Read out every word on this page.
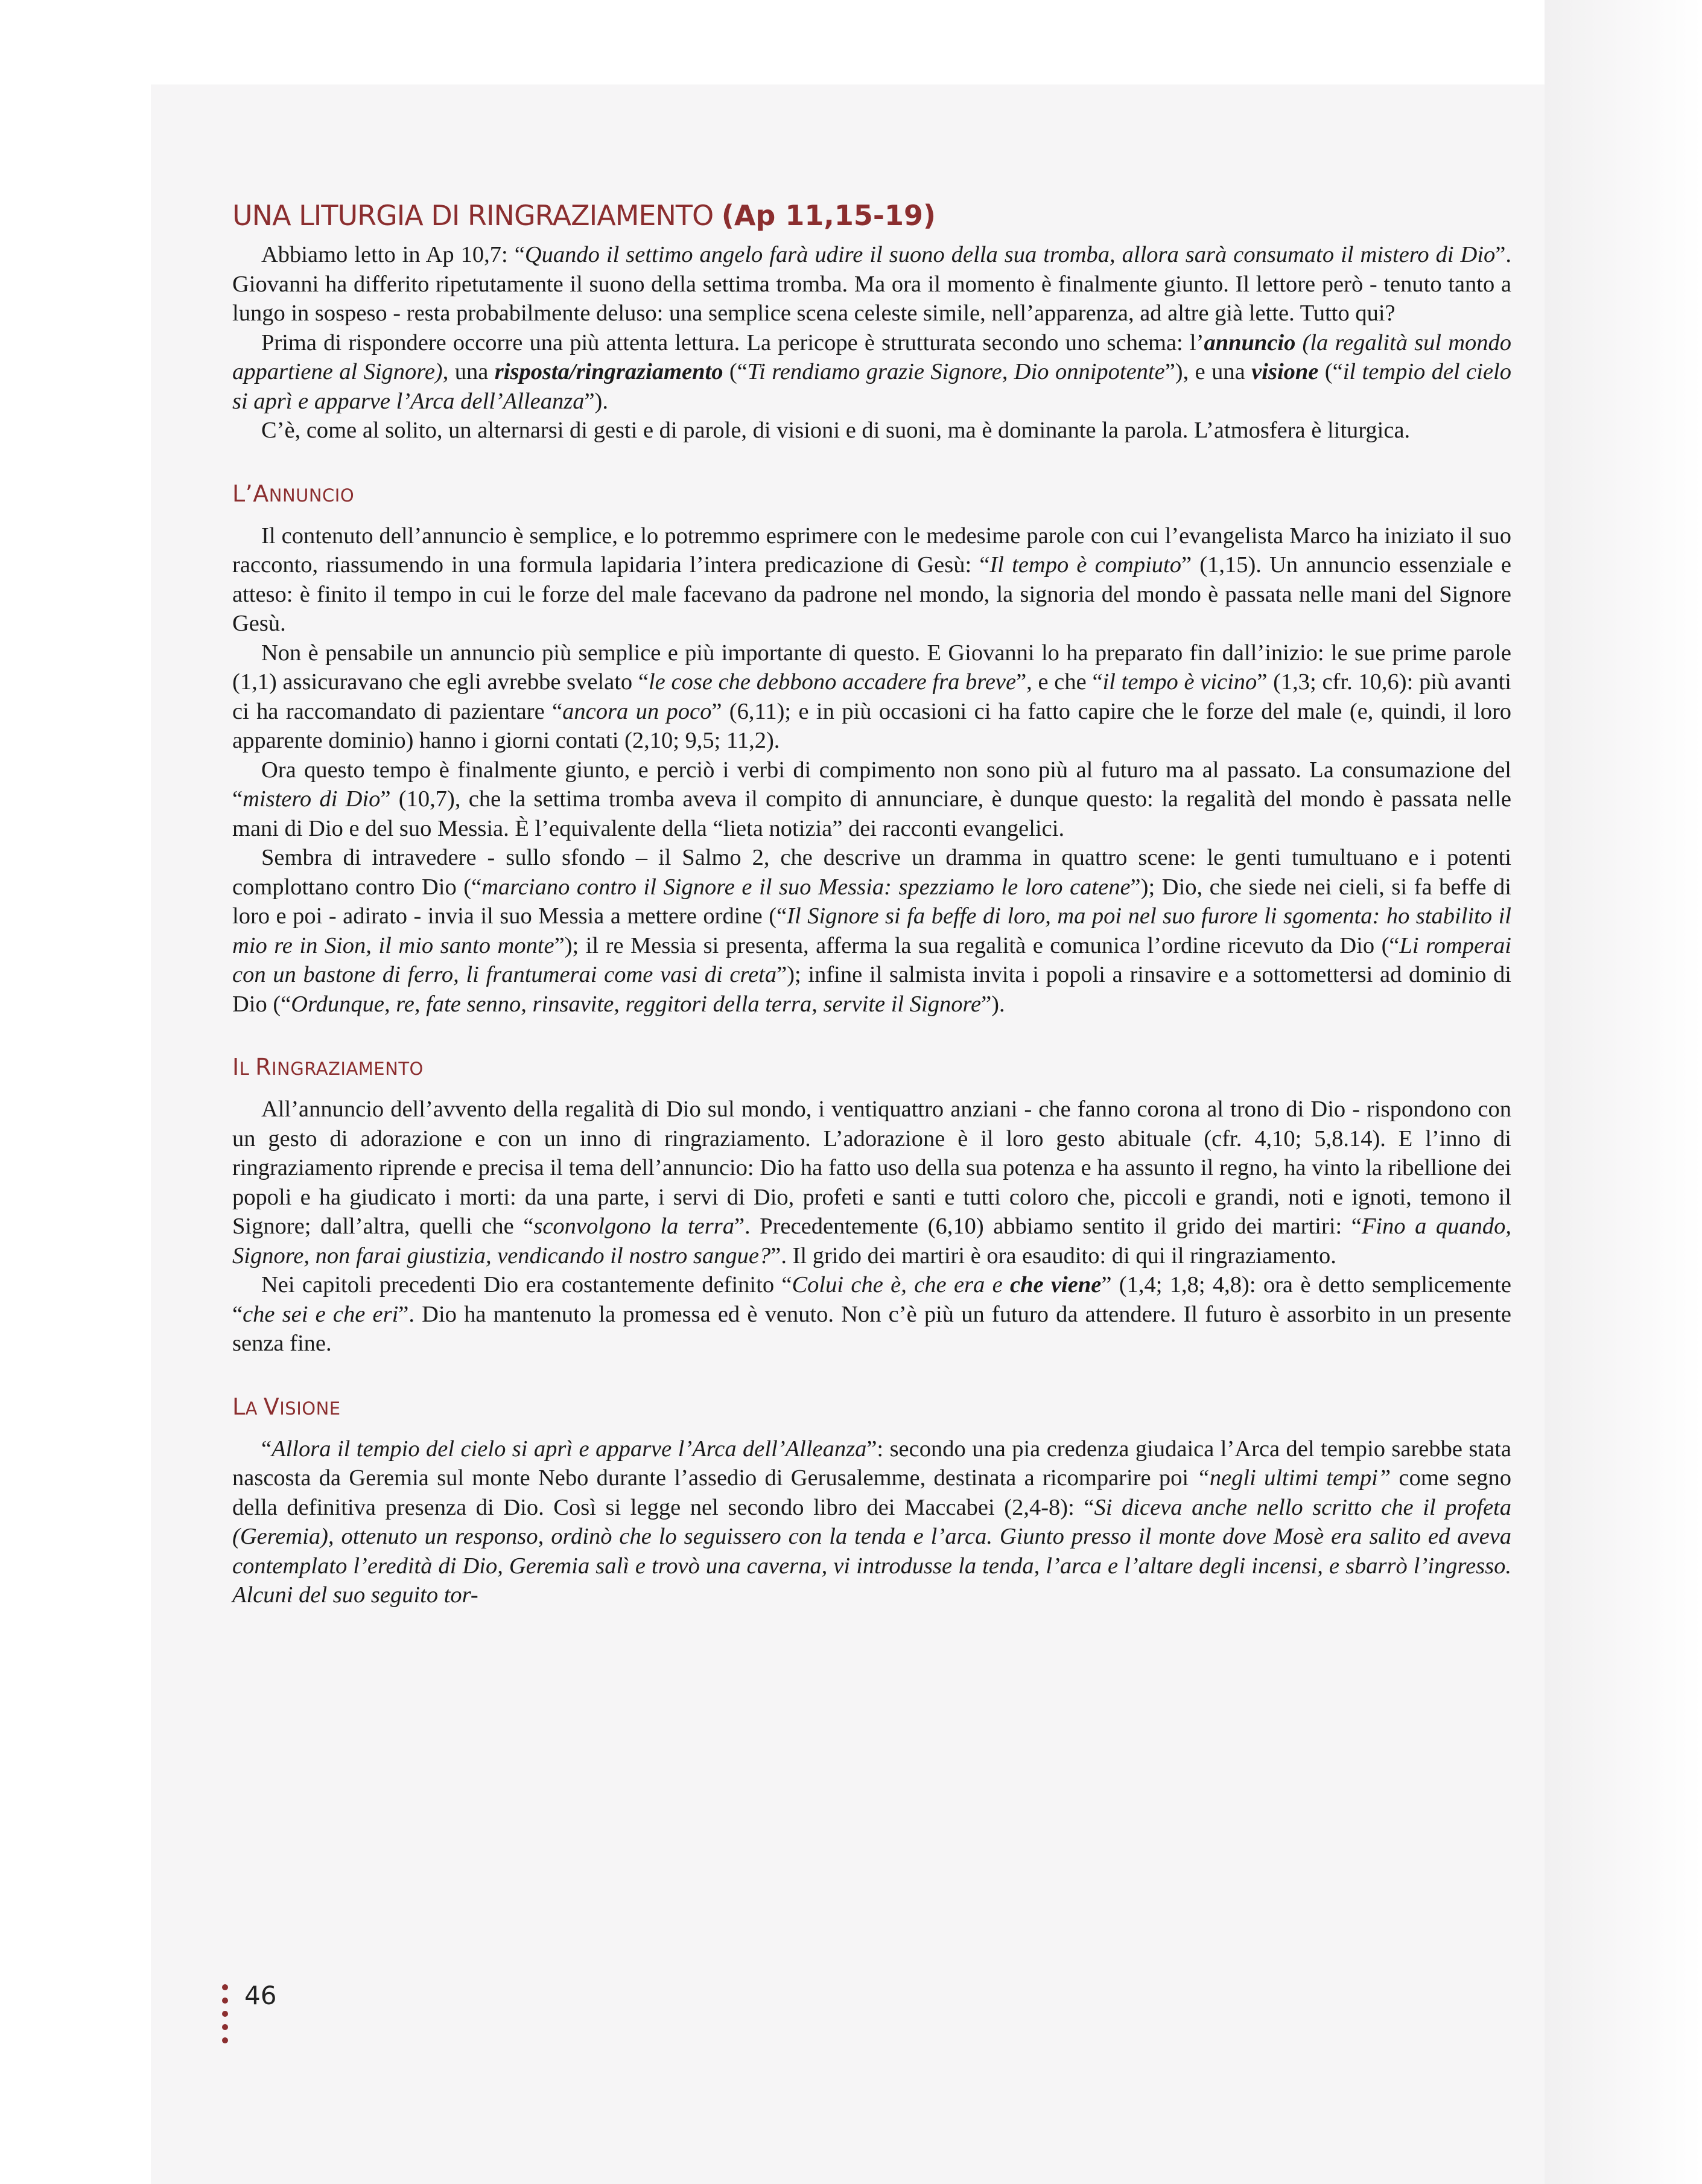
UNA LITURGIA DI RINGRAZIAMENTO (Ap 11,15-19)

Abbiamo letto in Ap 10,7: “Quando il settimo angelo farà udire il suono della sua tromba, allora sarà consumato il mistero di Dio”. Giovanni ha differito ripetutamente il suono della settima tromba. Ma ora il momento è finalmente giunto. Il lettore però - tenuto tanto a lungo in sospeso - resta probabilmente deluso: una semplice scena celeste simile, nell’apparenza, ad altre già lette. Tutto qui?

Prima di rispondere occorre una più attenta lettura. La pericope è strutturata secondo uno schema: l’annuncio (la regalità sul mondo appartiene al Signore), una risposta/ringraziamento (“Ti rendiamo grazie Signore, Dio onnipotente”), e una visione (“il tempio del cielo si aprì e apparve l’Arca dell’Alleanza”).

C’è, come al solito, un alternarsi di gesti e di parole, di visioni e di suoni, ma è dominante la parola. L’atmosfera è liturgica.

L’ANNUNCIO

Il contenuto dell’annuncio è semplice, e lo potremmo esprimere con le medesime parole con cui l’evangelista Marco ha iniziato il suo racconto, riassumendo in una formula lapidaria l’intera predicazione di Gesù: “Il tempo è compiuto” (1,15). Un annuncio essenziale e atteso: è finito il tempo in cui le forze del male facevano da padrone nel mondo, la signoria del mondo è passata nelle mani del Signore Gesù.

Non è pensabile un annuncio più semplice e più importante di questo. E Giovanni lo ha preparato fin dall’inizio: le sue prime parole (1,1) assicuravano che egli avrebbe svelato “le cose che debbono accadere fra breve”, e che “il tempo è vicino” (1,3; cfr. 10,6): più avanti ci ha raccomandato di pazientare “ancora un poco” (6,11); e in più occasioni ci ha fatto capire che le forze del male (e, quindi, il loro apparente dominio) hanno i giorni contati (2,10; 9,5; 11,2).

Ora questo tempo è finalmente giunto, e perciò i verbi di compimento non sono più al futuro ma al passato. La consumazione del “mistero di Dio” (10,7), che la settima tromba aveva il compito di annunciare, è dunque questo: la regalità del mondo è passata nelle mani di Dio e del suo Messia. È l’equivalente della “lieta notizia” dei racconti evangelici.

Sembra di intravedere - sullo sfondo – il Salmo 2, che descrive un dramma in quattro scene: le genti tumultuano e i potenti complottano contro Dio (“marciano contro il Signore e il suo Messia: spezziamo le loro catene”); Dio, che siede nei cieli, si fa beffe di loro e poi - adirato - invia il suo Messia a mettere ordine (“Il Signore si fa beffe di loro, ma poi nel suo furore li sgomenta: ho stabilito il mio re in Sion, il mio santo monte”); il re Messia si presenta, afferma la sua regalità e comunica l’ordine ricevuto da Dio (“Li romperai con un bastone di ferro, li frantumerai come vasi di creta”); infine il salmista invita i popoli a rinsavire e a sottomettersi ad dominio di Dio (“Ordunque, re, fate senno, rinsavite, reggitori della terra, servite il Signore”).

IL RINGRAZIAMENTO

All’annuncio dell’avvento della regalità di Dio sul mondo, i ventiquattro anziani - che fanno corona al trono di Dio - rispondono con un gesto di adorazione e con un inno di ringraziamento. L’adorazione è il loro gesto abituale (cfr. 4,10; 5,8.14). E l’inno di ringraziamento riprende e precisa il tema dell’annuncio: Dio ha fatto uso della sua potenza e ha assunto il regno, ha vinto la ribellione dei popoli e ha giudicato i morti: da una parte, i servi di Dio, profeti e santi e tutti coloro che, piccoli e grandi, noti e ignoti, temono il Signore; dall’altra, quelli che “sconvolgono la terra”. Precedentemente (6,10) abbiamo sentito il grido dei martiri: “Fino a quando, Signore, non farai giustizia, vendicando il nostro sangue?”. Il grido dei martiri è ora esaudito: di qui il ringraziamento.

Nei capitoli precedenti Dio era costantemente definito “Colui che è, che era e che viene” (1,4; 1,8; 4,8): ora è detto semplicemente “che sei e che eri”. Dio ha mantenuto la promessa ed è venuto. Non c’è più un futuro da attendere. Il futuro è assorbito in un presente senza fine.

LA VISIONE

“Allora il tempio del cielo si aprì e apparve l’Arca dell’Alleanza”: secondo una pia credenza giudaica l’Arca del tempio sarebbe stata nascosta da Geremia sul monte Nebo durante l’assedio di Gerusalemme, destinata a ricomparire poi “negli ultimi tempi” come segno della definitiva presenza di Dio. Così si legge nel secondo libro dei Maccabei (2,4-8): “Si diceva anche nello scritto che il profeta (Geremia), ottenuto un responso, ordinò che lo seguissero con la tenda e l’arca. Giunto presso il monte dove Mosè era salito ed aveva contemplato l’eredità di Dio, Geremia salì e trovò una caverna, vi introdusse la tenda, l’arca e l’altare degli incensi, e sbarrò l’ingresso. Alcuni del suo seguito tor-

46
